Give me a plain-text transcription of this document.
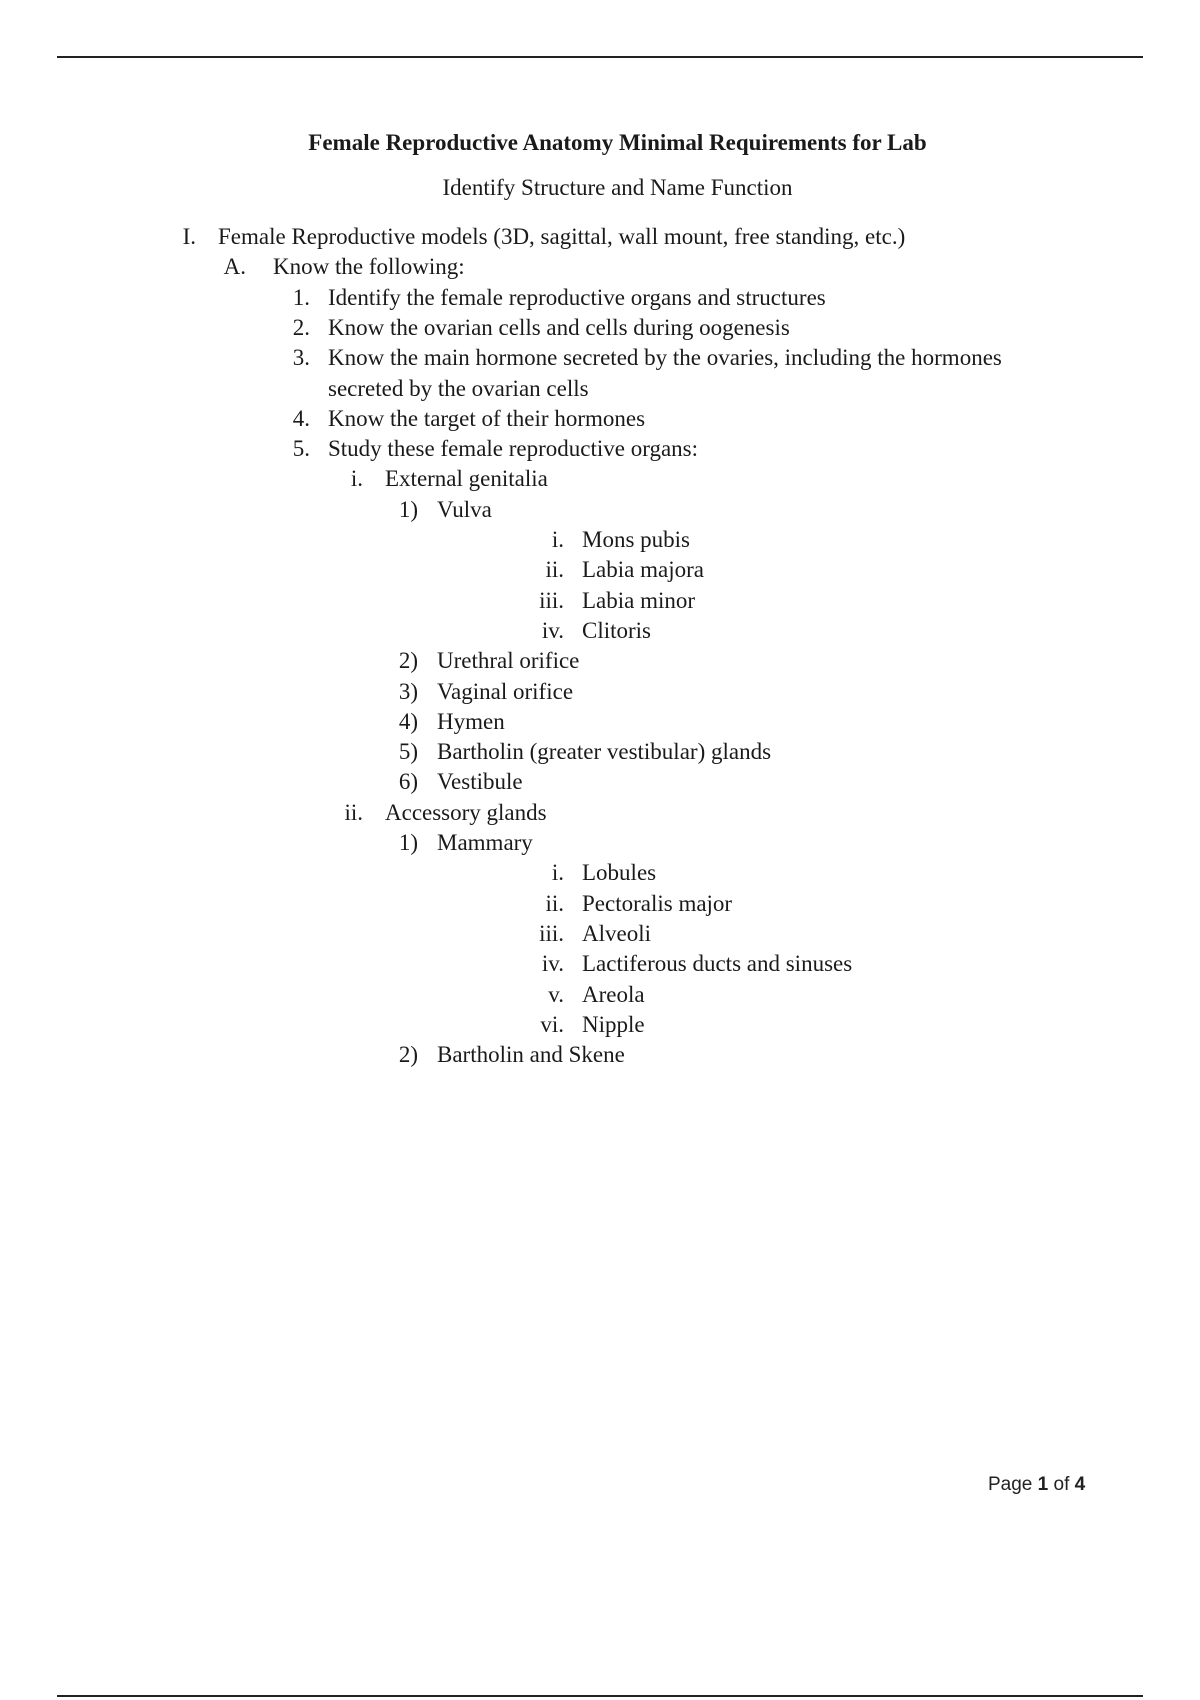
Female Reproductive Anatomy Minimal Requirements for Lab
Identify Structure and Name Function
I. Female Reproductive models (3D, sagittal, wall mount, free standing, etc.)
A. Know the following:
1. Identify the female reproductive organs and structures
2. Know the ovarian cells and cells during oogenesis
3. Know the main hormone secreted by the ovaries, including the hormones
secreted by the ovarian cells
4. Know the target of their hormones
5. Study these female reproductive organs:
i. External genitalia
1) Vulva
i. Mons pubis
ii. Labia majora
iii. Labia minor
iv. Clitoris
2) Urethral orifice
3) Vaginal orifice
4) Hymen
5) Bartholin (greater vestibular) glands
6) Vestibule
ii. Accessory glands
1) Mammary
i. Lobules
ii. Pectoralis major
iii. Alveoli
iv. Lactiferous ducts and sinuses
v. Areola
vi. Nipple
2) Bartholin and Skene
Page 1 of 4
